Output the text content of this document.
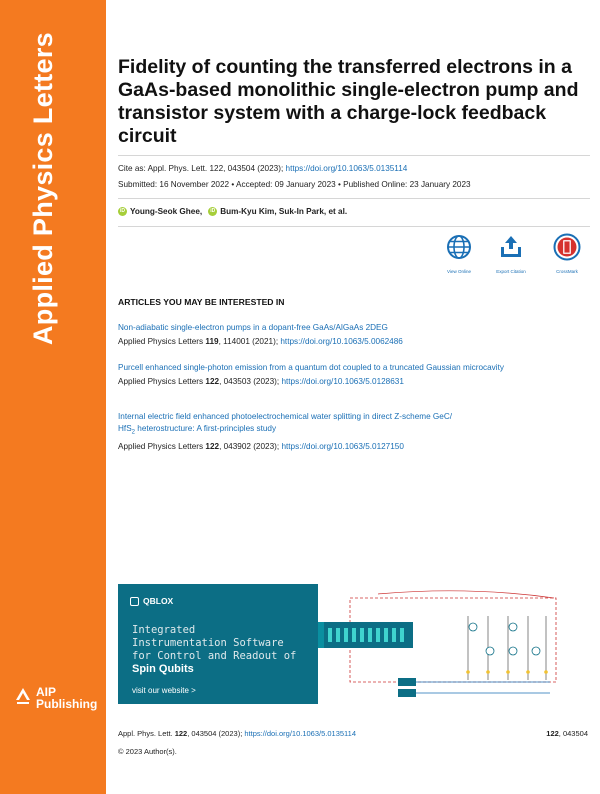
Applied Physics Letters
AIP
Publishing
Fidelity of counting the transferred electrons in a GaAs-based monolithic single-electron pump and transistor system with a charge-lock feedback circuit
Cite as: Appl. Phys. Lett. 122, 043504 (2023); https://doi.org/10.1063/5.0135114
Submitted: 16 November 2022 • Accepted: 09 January 2023 • Published Online: 23 January 2023
iD Young-Seok Ghee,	iD Bum-Kyu Kim, Suk-In Park, et al.
View Online	Export Citation	CrossMark
ARTICLES YOU MAY BE INTERESTED IN
Non-adiabatic single-electron pumps in a dopant-free GaAs/AlGaAs 2DEG
Applied Physics Letters 119, 114001 (2021); https://doi.org/10.1063/5.0062486
Purcell enhanced single-photon emission from a quantum dot coupled to a truncated Gaussian microcavity
Applied Physics Letters 122, 043503 (2023); https://doi.org/10.1063/5.0128631
Internal electric field enhanced photoelectrochemical water splitting in direct Z-scheme GeC/
HfS$_2$ heterostructure: A first-principles study
Applied Physics Letters 122, 043902 (2023); https://doi.org/10.1063/5.0127150
QBLOX
Integrated
Instrumentation Software
for Control and Readout of
Spin Qubits
visit our website >
Appl. Phys. Lett. 122, 043504 (2023); https://doi.org/10.1063/5.0135114	122, 043504
© 2023 Author(s).
